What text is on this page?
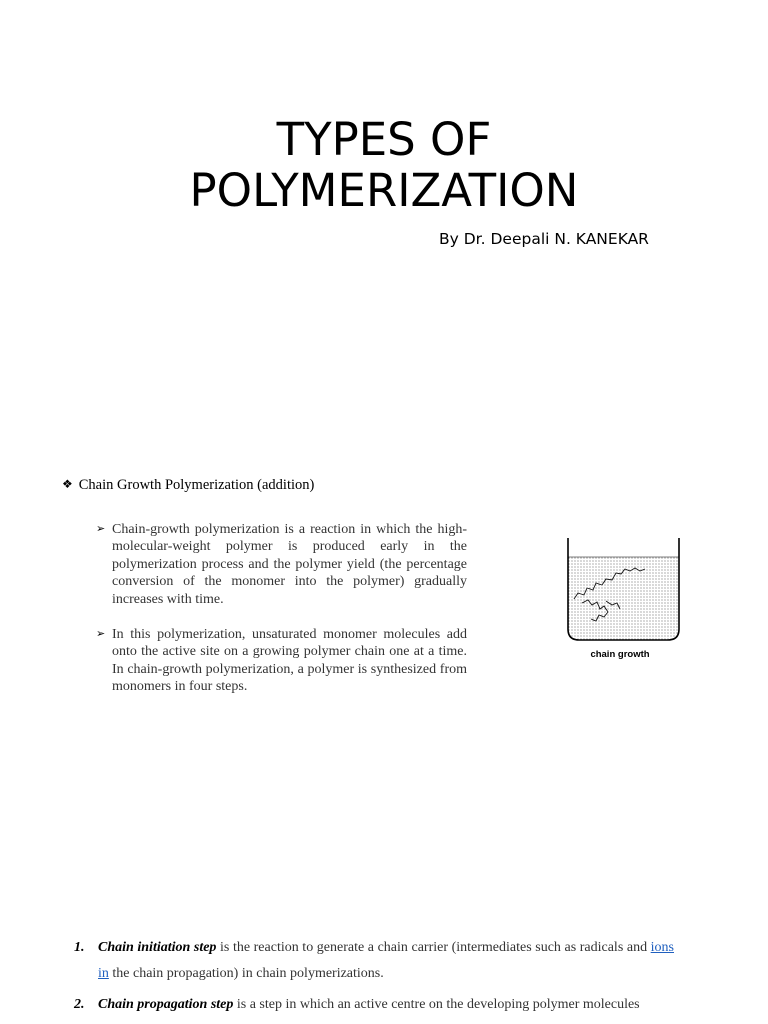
TYPES OF
POLYMERIZATION
By Dr. Deepali N. KANEKAR
❖ Chain Growth Polymerization (addition)
➢ Chain-growth polymerization is a reaction in which the high-molecular-weight polymer is produced early in the polymerization process and the polymer yield (the percentage conversion of the monomer into the polymer) gradually increases with time.

➢ In this polymerization, unsaturated monomer molecules add onto the active site on a growing polymer chain one at a time. In chain-growth polymerization, a polymer is synthesized from monomers in four steps.

chain growth
1. Chain initiation step is the reaction to generate a chain carrier (intermediates such as radicals and ions in the chain propagation) in chain polymerizations.
2. Chain propagation step is a step in which an active centre on the developing polymer molecules
